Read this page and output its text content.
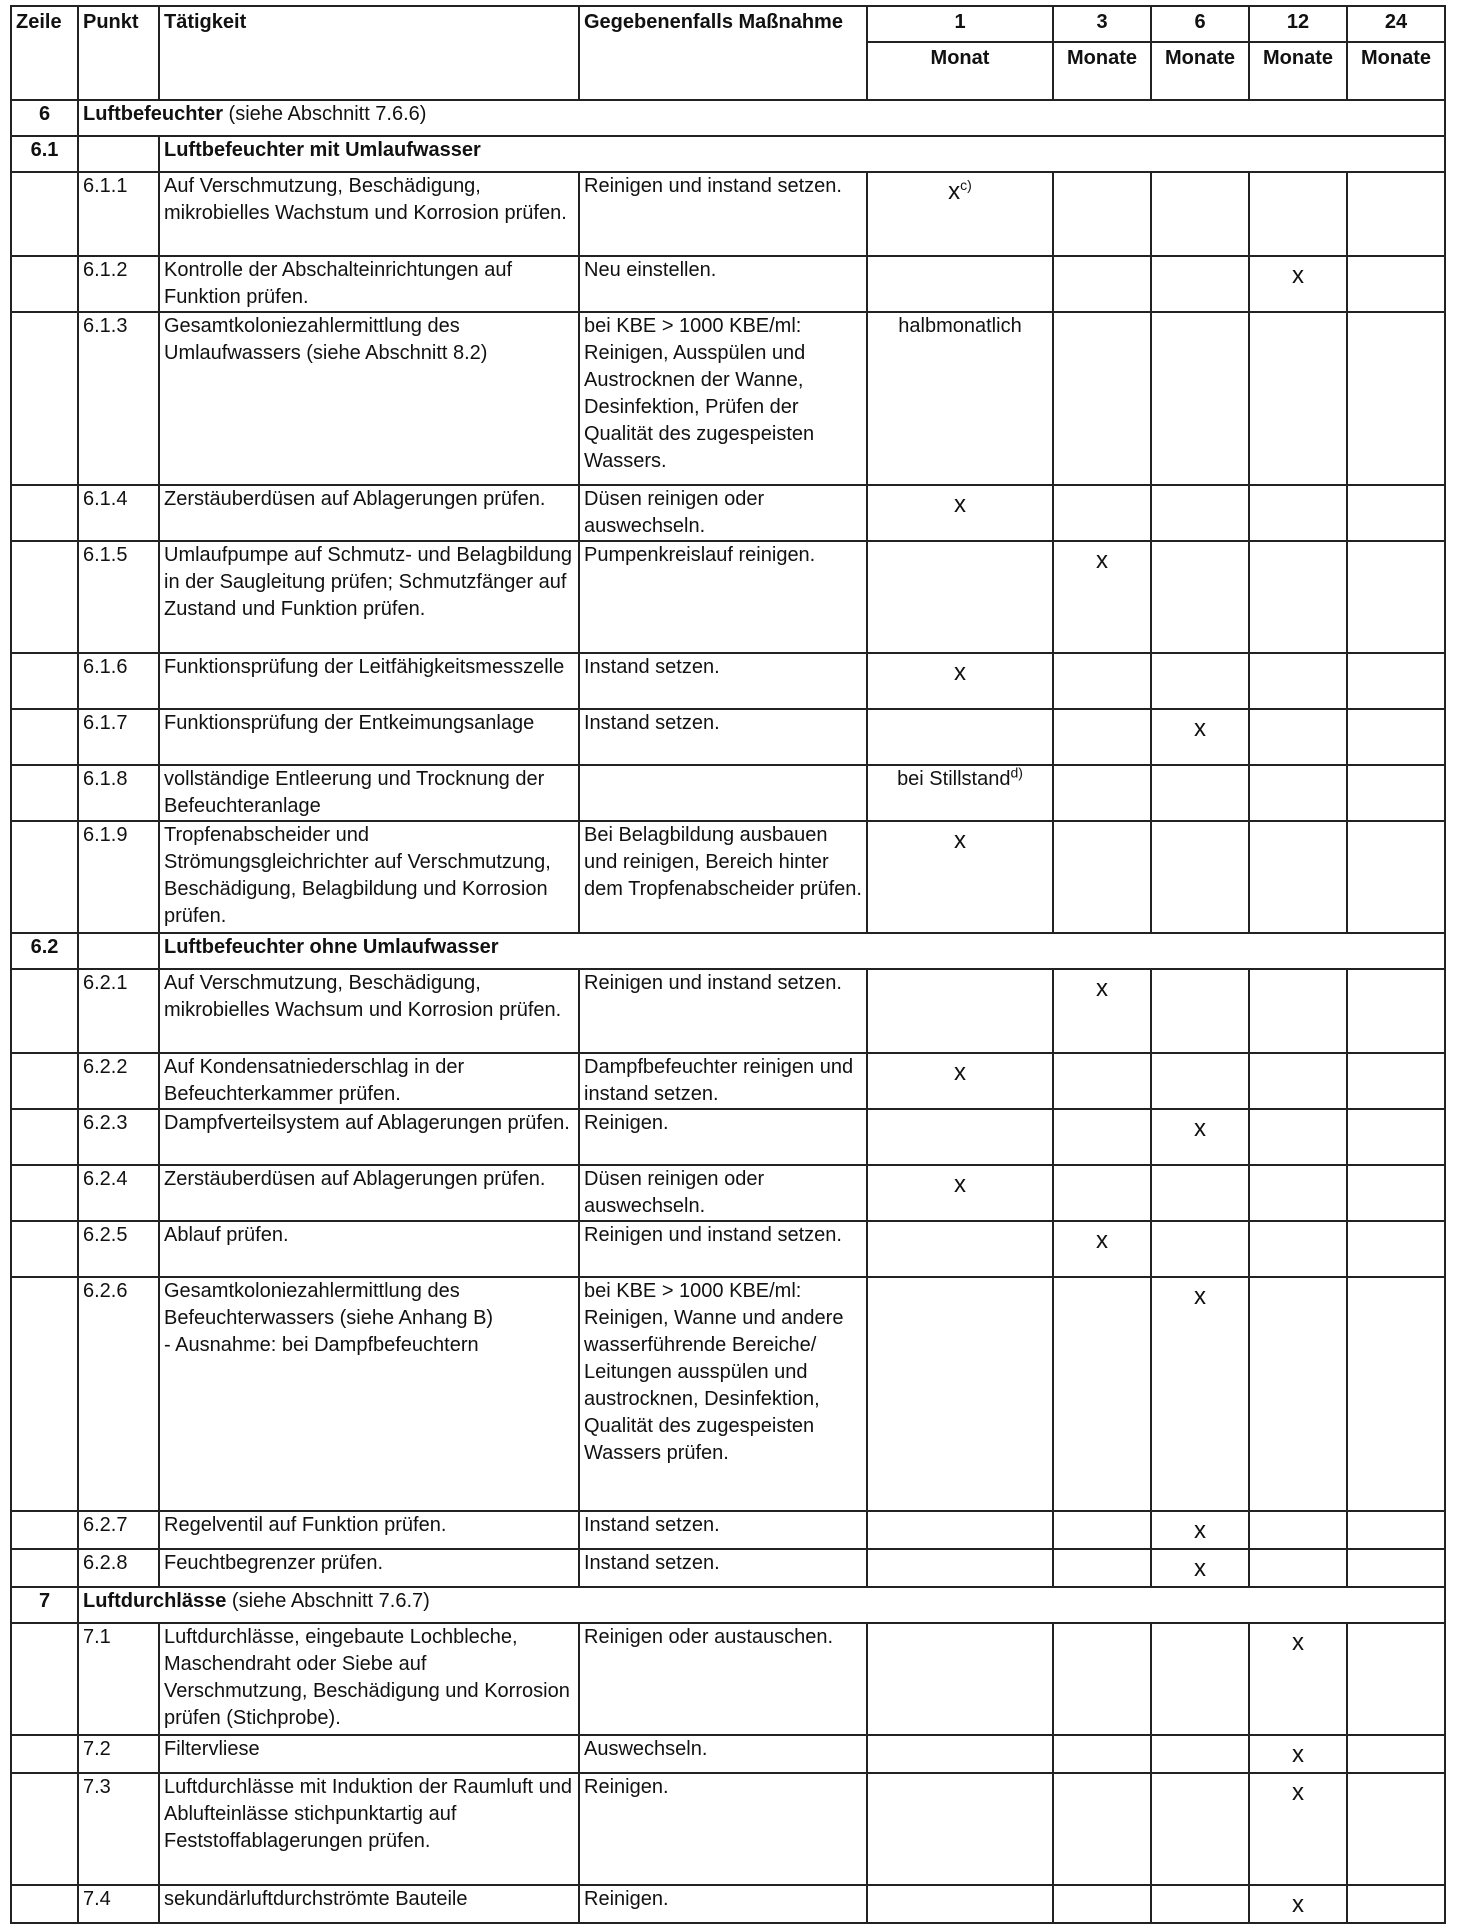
Zeile	Punkt	Tätigkeit	Gegebenenfalls Maßnahme	1	3	6	12	24
				Monat	Monate	Monate	Monate	Monate
6	Luftbefeuchter (siehe Abschnitt 7.6.6)							
6.1		Luftbefeuchter mit Umlaufwasser						
	6.1.1	Auf Verschmutzung, Beschädigung, mikrobielles Wachstum und Korrosion prüfen.	Reinigen und instand setzen.	x$^{c)}$				
	6.1.2	Kontrolle der Abschalteinrichtungen auf Funktion prüfen.	Neu einstellen.				x	
	6.1.3	Gesamtkoloniezahlermittlung des Umlaufwassers (siehe Abschnitt 8.2)	bei KBE > 1000 KBE/ml: Reinigen, Ausspülen und Austrocknen der Wanne, Desinfektion, Prüfen der Qualität des zugespeisten Wassers.	halbmonatlich				
	6.1.4	Zerstäuberdüsen auf Ablagerungen prüfen.	Düsen reinigen oder auswechseln.	x				
	6.1.5	Umlaufpumpe auf Schmutz- und Belagbildung in der Saugleitung prüfen; Schmutzfänger auf Zustand und Funktion prüfen.	Pumpenkreislauf reinigen.		x			
	6.1.6	Funktionsprüfung der Leitfähigkeitsmesszelle	Instand setzen.	x				
	6.1.7	Funktionsprüfung der Entkeimungsanlage	Instand setzen.			x		
	6.1.8	vollständige Entleerung und Trocknung der Befeuchteranlage		bei Stillstand$^{d)}$				
	6.1.9	Tropfenabscheider und Strömungsgleichrichter auf Verschmutzung, Beschädigung, Belagbildung und Korrosion prüfen.	Bei Belagbildung ausbauen und reinigen, Bereich hinter dem Tropfenabscheider prüfen.	x				
6.2		Luftbefeuchter ohne Umlaufwasser						
	6.2.1	Auf Verschmutzung, Beschädigung, mikrobielles Wachsum und Korrosion prüfen.	Reinigen und instand setzen.		x			
	6.2.2	Auf Kondensatniederschlag in der Befeuchterkammer prüfen.	Dampfbefeuchter reinigen und instand setzen.	x				
	6.2.3	Dampfverteilsystem auf Ablagerungen prüfen.	Reinigen.			x		
	6.2.4	Zerstäuberdüsen auf Ablagerungen prüfen.	Düsen reinigen oder auswechseln.	x				
	6.2.5	Ablauf prüfen.	Reinigen und instand setzen.		x			
	6.2.6	Gesamtkoloniezahlermittlung des Befeuchterwassers (siehe Anhang B)
- Ausnahme: bei Dampfbefeuchtern	bei KBE > 1000 KBE/ml: Reinigen, Wanne und andere wasserführende Bereiche/ Leitungen ausspülen und austrocknen, Desinfektion, Qualität des zugespeisten Wassers prüfen.			x		
	6.2.7	Regelventil auf Funktion prüfen.	Instand setzen.			x		
	6.2.8	Feuchtbegrenzer prüfen.	Instand setzen.			x		
7	Luftdurchlässe (siehe Abschnitt 7.6.7)							
	7.1	Luftdurchlässe, eingebaute Lochbleche, Maschendraht oder Siebe auf Verschmutzung, Beschädigung und Korrosion prüfen (Stichprobe).	Reinigen oder austauschen.				x	
	7.2	Filtervliese	Auswechseln.				x	
	7.3	Luftdurchlässe mit Induktion der Raumluft und Ablufteinlässe stichpunktartig auf Feststoffablagerungen prüfen.	Reinigen.				x	
	7.4	sekundärluftdurchströmte Bauteile	Reinigen.				x	
